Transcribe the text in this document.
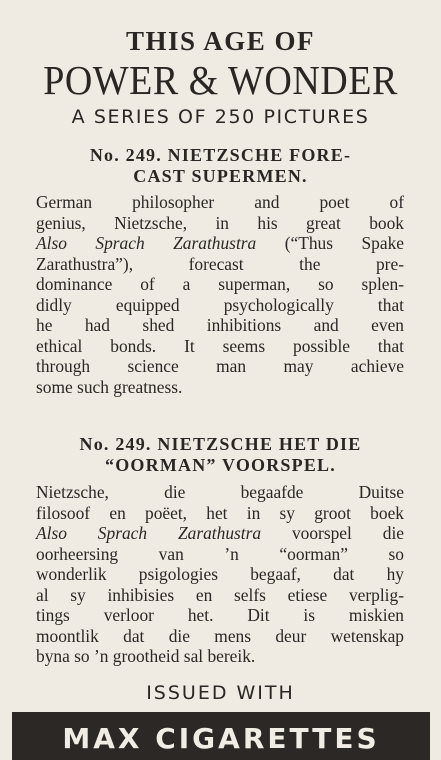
THIS AGE OF
POWER & WONDER
A SERIES OF 250 PICTURES
No. 249. NIETZSCHE FORE-
CAST SUPERMEN.
German philosopher and poet of
genius, Nietzsche, in his great book
Also Sprach Zarathustra (“Thus Spake
Zarathustra”), forecast the pre-
dominance of a superman, so splen-
didly equipped psychologically that
he had shed inhibitions and even
ethical bonds. It seems possible that
through science man may achieve
some such greatness.
No. 249. NIETZSCHE HET DIE
“OORMAN” VOORSPEL.
Nietzsche, die begaafde Duitse
filosoof en poëet, het in sy groot boek
Also Sprach Zarathustra voorspel die
oorheersing van ’n “oorman” so
wonderlik psigologies begaaf, dat hy
al sy inhibisies en selfs etiese verplig-
tings verloor het. Dit is miskien
moontlik dat die mens deur wetenskap
byna so ’n grootheid sal bereik.
ISSUED WITH
MAX CIGARETTES
